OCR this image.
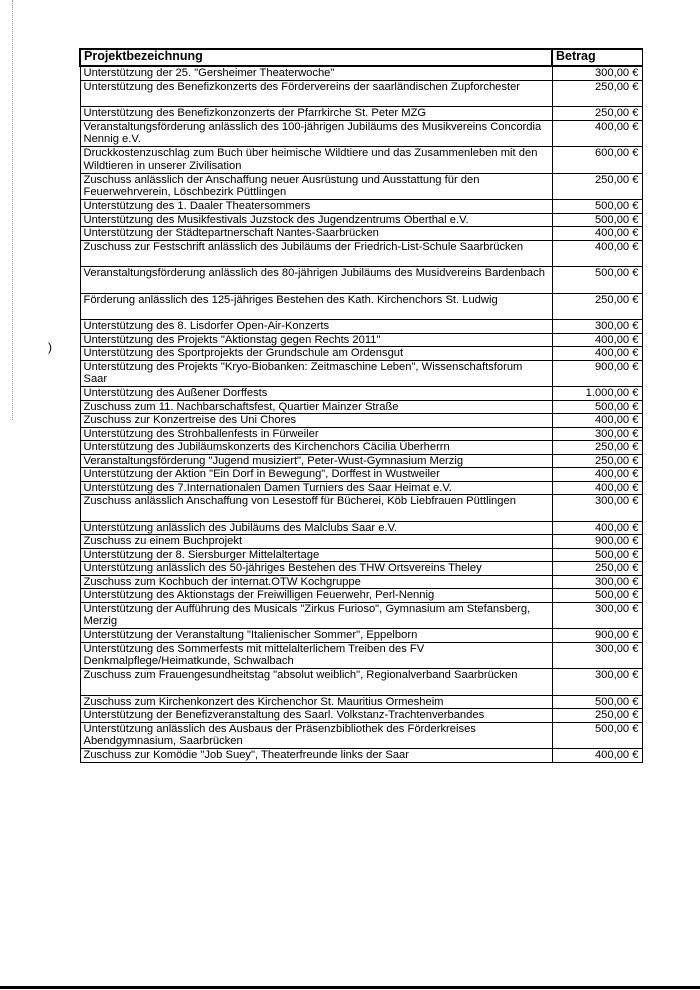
)
Projektbezeichnung	Betrag
Unterstützung der 25. "Gersheimer Theaterwoche"	300,00 €
Unterstützung des Benefizkonzerts des Fördervereins der saarländischen Zupforchester	250,00 €
Unterstützung des Benefizkonzonzerts der Pfarrkirche St. Peter MZG	250,00 €
Veranstaltungsförderung anlässlich des 100-jährigen Jubiläums des Musikvereins Concordia Nennig e.V.	400,00 €
Druckkostenzuschlag zum Buch über heimische Wildtiere und das Zusammenleben mit den Wildtieren in unserer Zivilisation	600,00 €
Zuschuss anlässlich der Anschaffung neuer Ausrüstung und Ausstattung für den Feuerwehrverein, Löschbezirk Püttlingen	250,00 €
Unterstützung des 1. Daaler Theatersommers	500,00 €
Unterstützung des Musikfestivals Juzstock des Jugendzentrums Oberthal e.V.	500,00 €
Unterstützung der Städtepartnerschaft Nantes-Saarbrücken	400,00 €
Zuschuss zur Festschrift anlässlich des Jubiläums der Friedrich-List-Schule Saarbrücken	400,00 €
Veranstaltungsförderung anlässlich des 80-jährigen Jubiläums des Musidvereins Bardenbach	500,00 €
Förderung anlässlich des 125-jähriges Bestehen des Kath. Kirchenchors St. Ludwig	250,00 €
Unterstützung des 8. Lisdorfer Open-Air-Konzerts	300,00 €
Unterstützung des Projekts "Aktionstag gegen Rechts 2011"	400,00 €
Unterstützung des Sportprojekts der Grundschule am Ordensgut	400,00 €
Unterstützung des Projekts "Kryo-Biobanken: Zeitmaschine Leben", Wissenschaftsforum Saar	900,00 €
Unterstützung des Außener Dorffests	1.000,00 €
Zuschuss zum 11. Nachbarschaftsfest, Quartier Mainzer Straße	500,00 €
Zuschuss zur Konzertreise des Uni Chores	400,00 €
Unterstützung des Strohballenfests in Fürweiler	300,00 €
Unterstützung des Jubiläumskonzerts des Kirchenchors Cäcilia Überherrn	250,00 €
Veranstaltungsförderung "Jugend musiziert", Peter-Wust-Gymnasium Merzig	250,00 €
Unterstützung der Aktion "Ein Dorf in Bewegung", Dorffest in Wustweiler	400,00 €
Unterstützung des 7.Internationalen Damen Turniers des Saar Heimat e.V.	400,00 €
Zuschuss anlässlich Anschaffung von Lesestoff für Bücherei, Köb Liebfrauen Püttlingen	300,00 €
Unterstützung anlässlich des Jubiläums des Malclubs Saar e.V.	400,00 €
Zuschuss zu einem Buchprojekt	900,00 €
Unterstützung der 8. Siersburger Mittelaltertage	500,00 €
Unterstützung anlässlich des 50-jähriges Bestehen des THW Ortsvereins Theley	250,00 €
Zuschuss zum Kochbuch der internat.OTW Kochgruppe	300,00 €
Unterstützung des Aktionstags der Freiwilligen Feuerwehr, Perl-Nennig	500,00 €
Unterstützung der Aufführung des Musicals "Zirkus Furioso", Gymnasium am Stefansberg, Merzig	300,00 €
Unterstützung der Veranstaltung "Italienischer Sommer", Eppelborn	900,00 €
Unterstützung des Sommerfests mit mittelalterlichem Treiben des FV Denkmalpflege/Heimatkunde, Schwalbach	300,00 €
Zuschuss zum Frauengesundheitstag "absolut weiblich", Regionalverband Saarbrücken	300,00 €
Zuschuss zum Kirchenkonzert des Kirchenchor St. Mauritius Ormesheim	500,00 €
Unterstützung der Benefizveranstaltung des Saarl. Volkstanz-Trachtenverbandes	250,00 €
Unterstützung anlässlich des Ausbaus der Präsenzbibliothek des Förderkreises Abendgymnasium, Saarbrücken	500,00 €
Zuschuss zur Komödie "Job Suey", Theaterfreunde links der Saar	400,00 €
